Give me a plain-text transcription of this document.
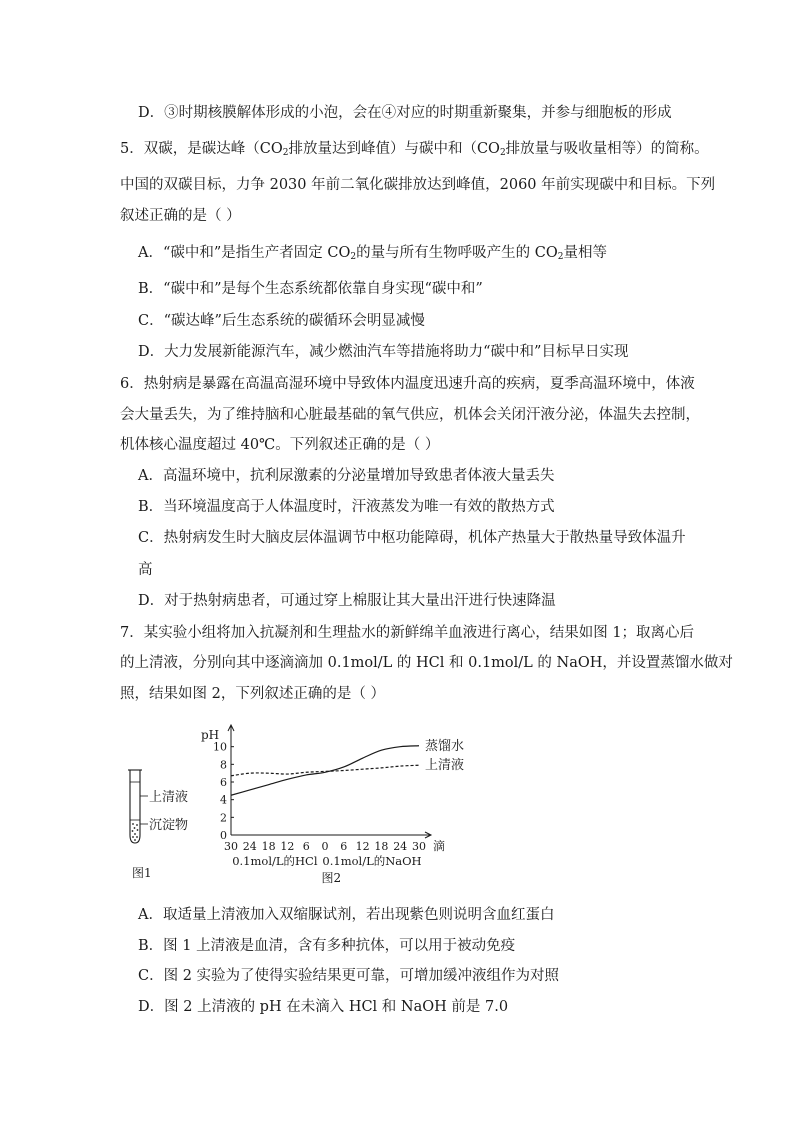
D．③时期核膜解体形成的小泡，会在④对应的时期重新聚集，并参与细胞板的形成
5．双碳，是碳达峰（$CO_2$排放量达到峰值）与碳中和（$CO_2$排放量与吸收量相等）的简称。
中国的双碳目标，力争 2030 年前二氧化碳排放达到峰值，2060 年前实现碳中和目标。下列
叙述正确的是（ ）
A．“碳中和”是指生产者固定 $CO_2$的量与所有生物呼吸产生的 $CO_2$量相等
B．“碳中和”是每个生态系统都依靠自身实现“碳中和”
C．“碳达峰”后生态系统的碳循环会明显减慢
D．大力发展新能源汽车，减少燃油汽车等措施将助力“碳中和”目标早日实现
6．热射病是暴露在高温高湿环境中导致体内温度迅速升高的疾病，夏季高温环境中，体液
会大量丢失，为了维持脑和心脏最基础的氧气供应，机体会关闭汗液分泌，体温失去控制，
机体核心温度超过 40℃。下列叙述正确的是（ ）
A．高温环境中，抗利尿激素的分泌量增加导致患者体液大量丢失
B．当环境温度高于人体温度时，汗液蒸发为唯一有效的散热方式
C．热射病发生时大脑皮层体温调节中枢功能障碍，机体产热量大于散热量导致体温升
高
D．对于热射病患者，可通过穿上棉服让其大量出汗进行快速降温
7．某实验小组将加入抗凝剂和生理盐水的新鲜绵羊血液进行离心，结果如图 1；取离心后
的上清液，分别向其中逐滴滴加 0.1mol/L 的 HCl 和 0.1mol/L 的 NaOH，并设置蒸馏水做对
照，结果如图 2，下列叙述正确的是（ ）
上清液
沉淀物
图1
0
2
4
6
8
10
30 24 18 12 6 0 6 12 18 24 30
蒸馏水
上清液
pH
滴
0.1mol/L的HCl 0.1mol/L的NaOH
图2
A．取适量上清液加入双缩脲试剂，若出现紫色则说明含血红蛋白
B．图 1 上清液是血清，含有多种抗体，可以用于被动免疫
C．图 2 实验为了使得实验结果更可靠，可增加缓冲液组作为对照
D．图 2 上清液的 pH 在未滴入 HCl 和 NaOH 前是 7.0
